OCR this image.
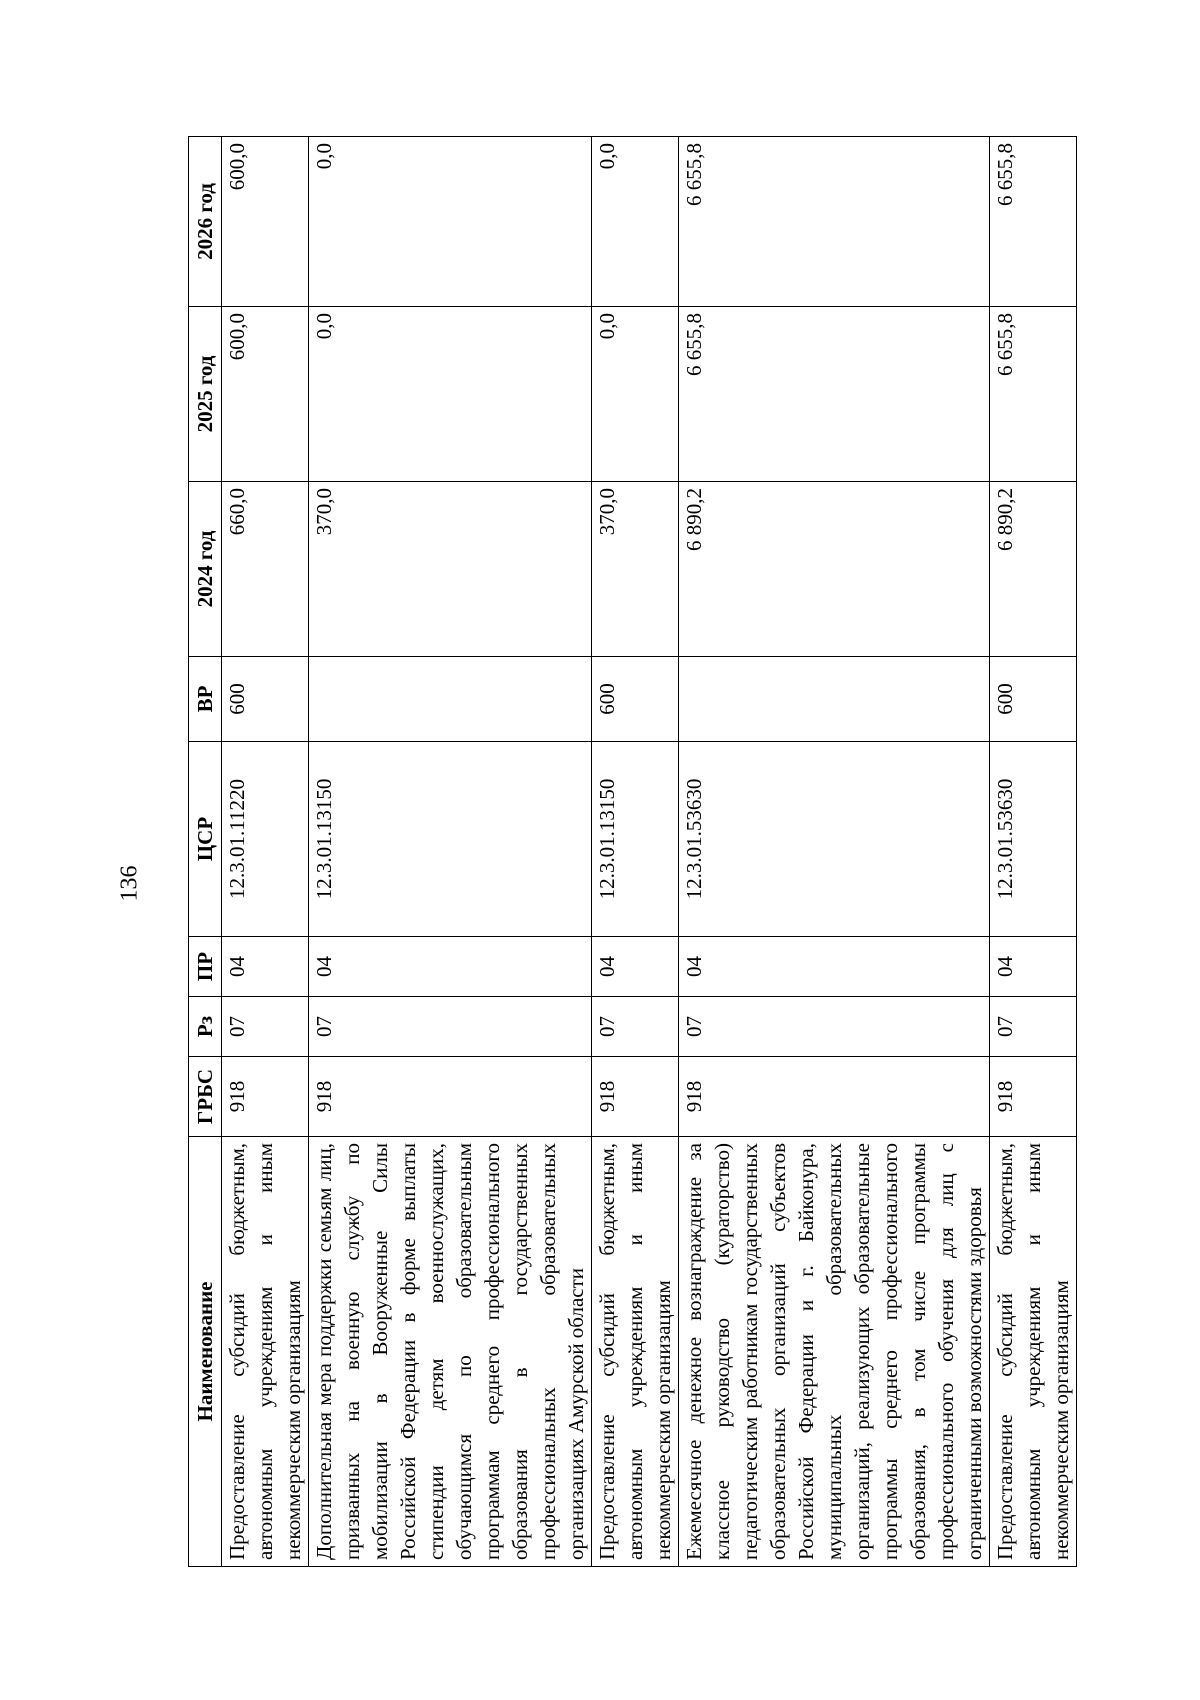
136
Наименование	ГРБС	Рз	ПР	ЦСР	ВР	2024 год	2025 год	2026 год
Предоставление субсидий бюджетным, автономным учреждениям и иным некоммерческим организациям	918	07	04	12.3.01.11220	600	660,0	600,0	600,0
Дополнительная мера поддержки семьям лиц, призванных на военную службу по мобилизации в Вооруженные Силы Российской Федерации в форме выплаты стипендии детям военнослужащих, обучающимся по образовательным программам среднего профессионального образования в государственных профессиональных образовательных организациях Амурской области	918	07	04	12.3.01.13150		370,0	0,0	0,0
Предоставление субсидий бюджетным, автономным учреждениям и иным некоммерческим организациям	918	07	04	12.3.01.13150	600	370,0	0,0	0,0
Ежемесячное денежное вознаграждение за классное руководство (кураторство) педагогическим работникам государственных образовательных организаций субъектов Российской Федерации и г. Байконура, муниципальных образовательных организаций, реализующих образовательные программы среднего профессионального образования, в том числе программы профессионального обучения для лиц с ограниченными возможностями здоровья	918	07	04	12.3.01.53630		6 890,2	6 655,8	6 655,8
Предоставление субсидий бюджетным, автономным учреждениям и иным некоммерческим организациям	918	07	04	12.3.01.53630	600	6 890,2	6 655,8	6 655,8
